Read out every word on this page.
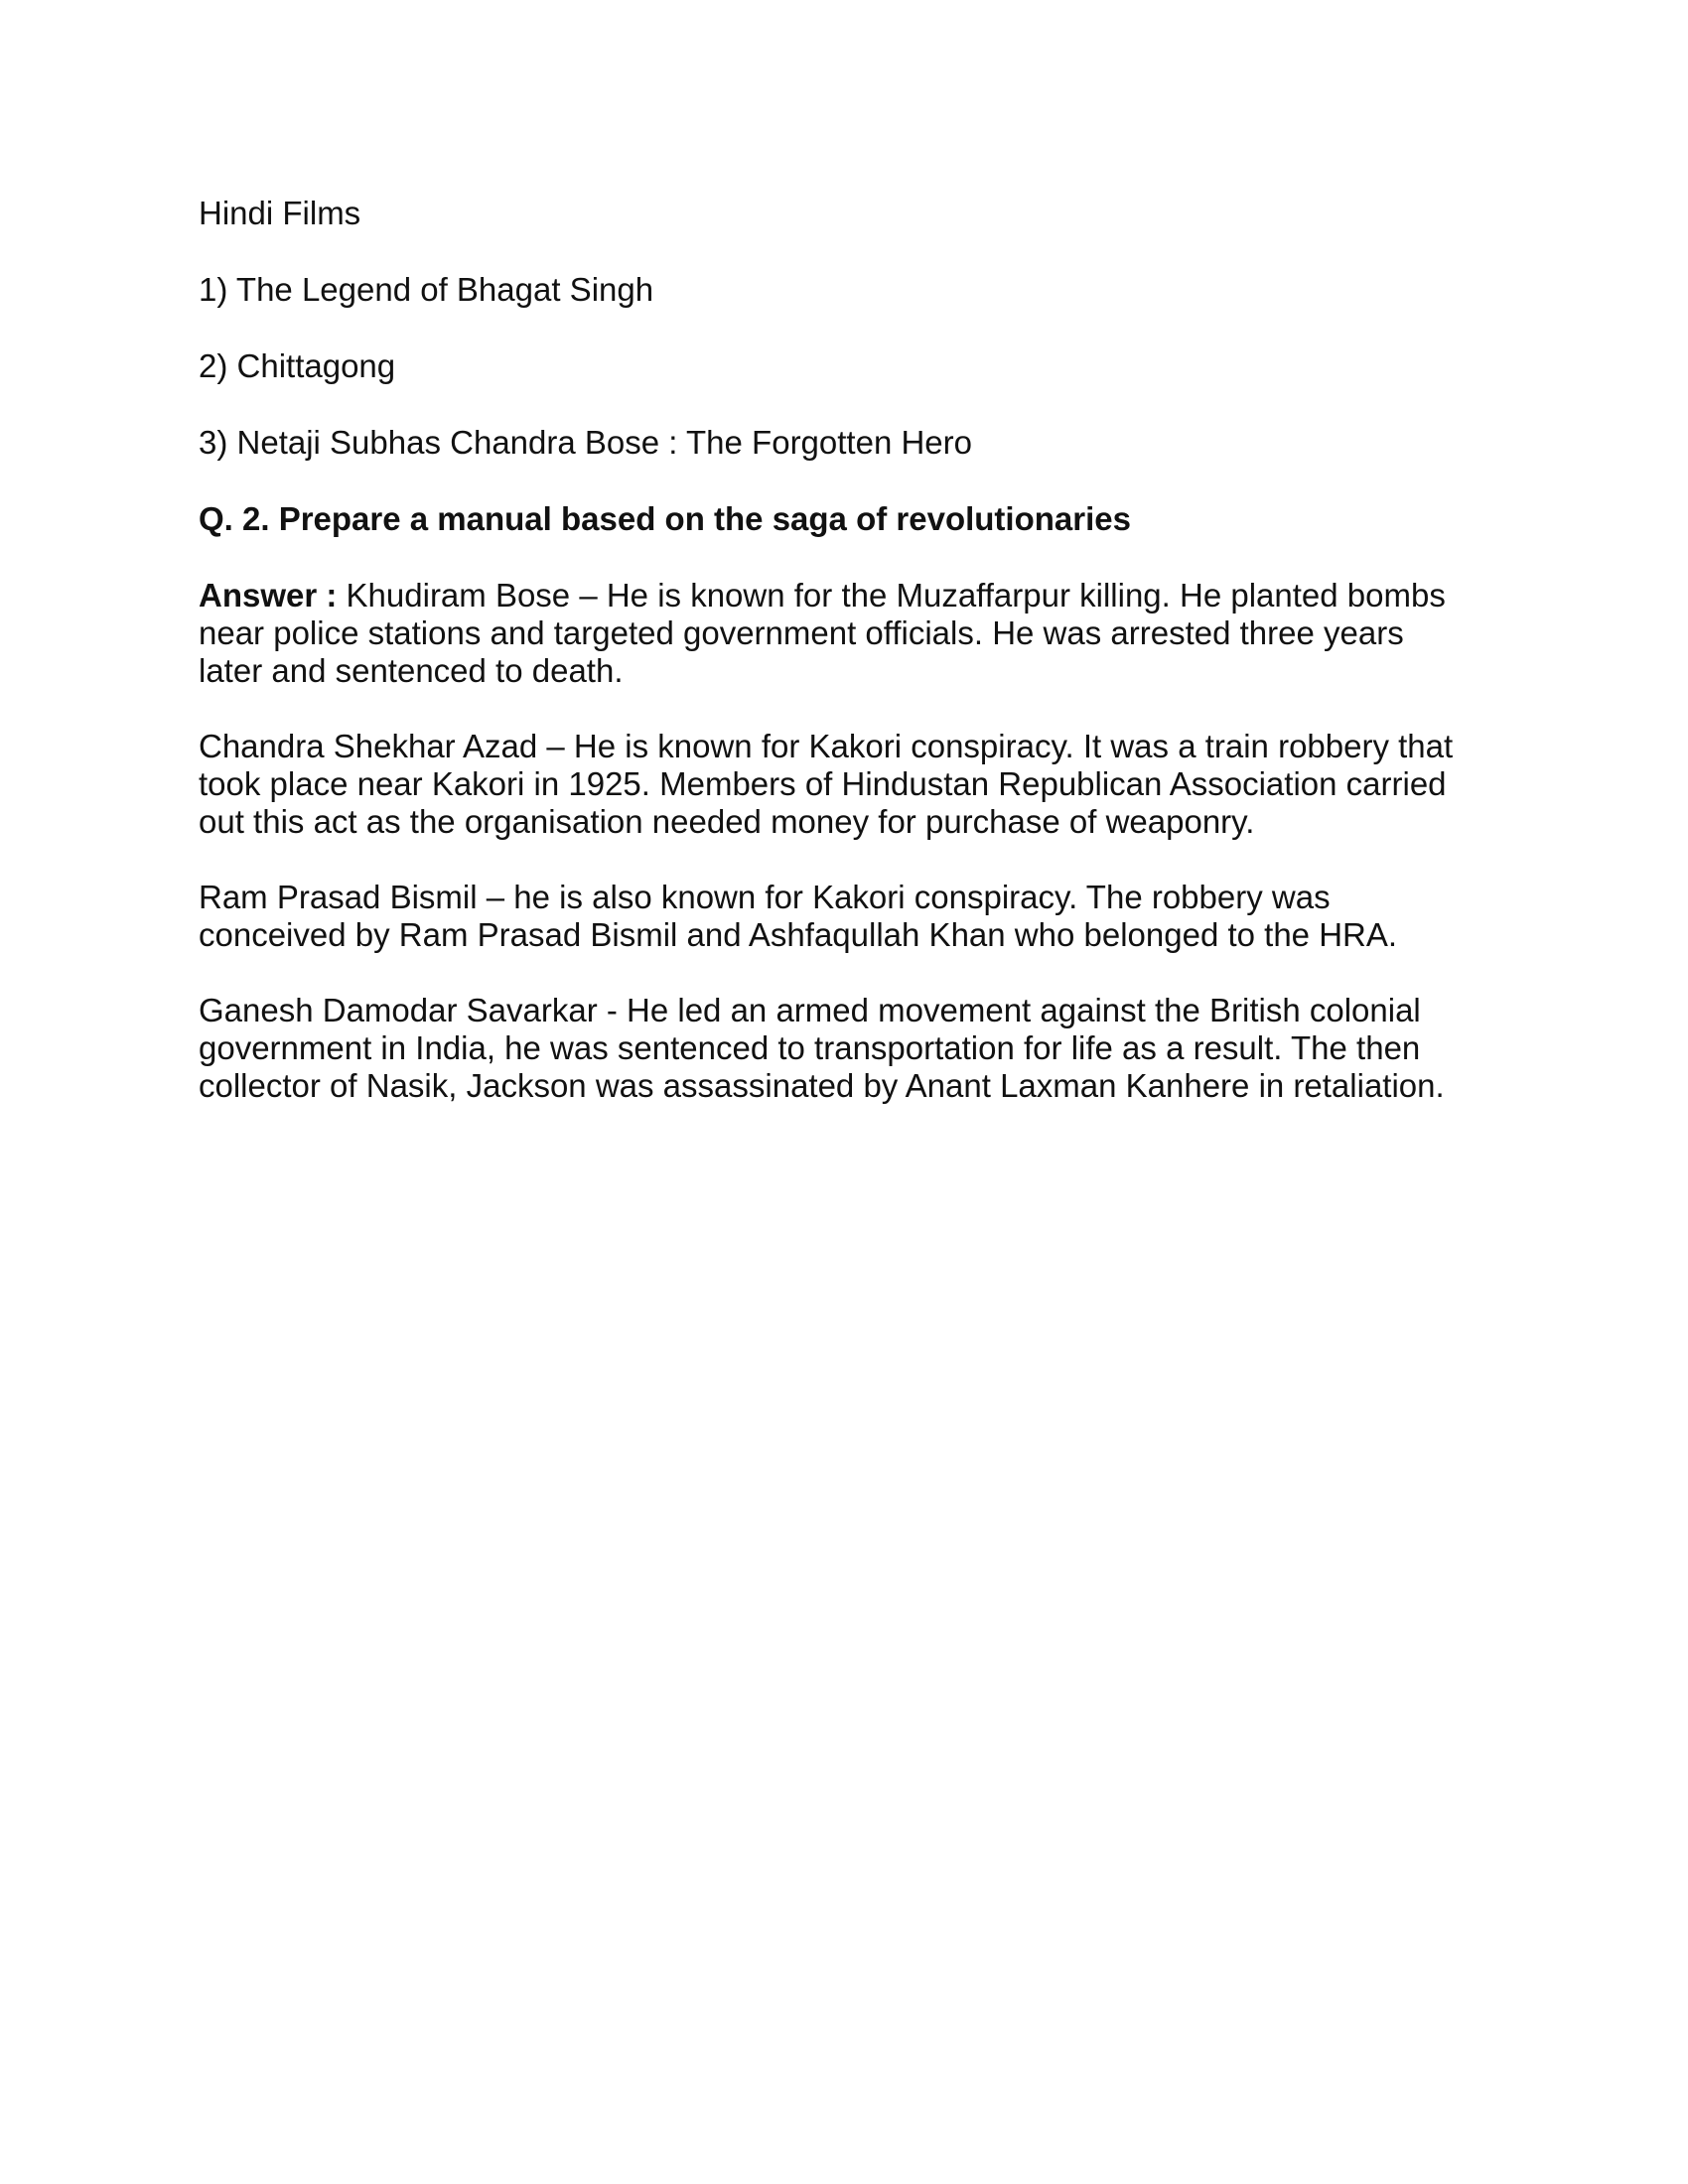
Hindi Films

1) The Legend of Bhagat Singh

2) Chittagong

3) Netaji Subhas Chandra Bose : The Forgotten Hero

Q. 2. Prepare a manual based on the saga of revolutionaries

Answer : Khudiram Bose – He is known for the Muzaffarpur killing. He planted bombs
near police stations and targeted government officials. He was arrested three years
later and sentenced to death.
Chandra Shekhar Azad – He is known for Kakori conspiracy. It was a train robbery that
took place near Kakori in 1925. Members of Hindustan Republican Association carried
out this act as the organisation needed money for purchase of weaponry.
Ram Prasad Bismil – he is also known for Kakori conspiracy. The robbery was
conceived by Ram Prasad Bismil and Ashfaqullah Khan who belonged to the HRA.
Ganesh Damodar Savarkar - He led an armed movement against the British colonial
government in India, he was sentenced to transportation for life as a result. The then
collector of Nasik, Jackson was assassinated by Anant Laxman Kanhere in retaliation.
